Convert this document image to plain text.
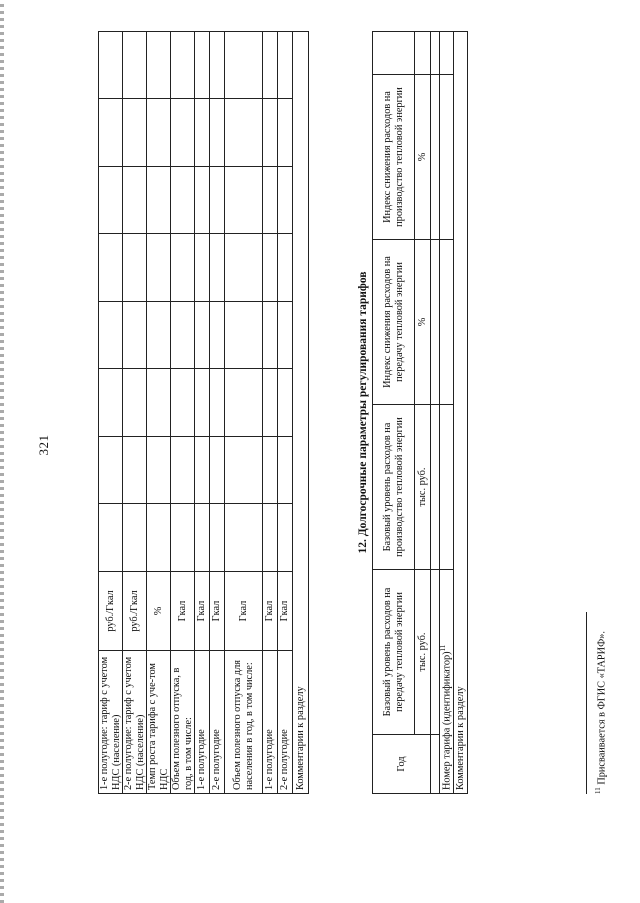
321
1-е полугодие: тариф с учетом НДС (население)	руб./Гкал								
2-е полугодие: тариф с учетом НДС (население)	руб./Гкал								
Темп роста тарифа с уче-том НДС	%								
Объем полезного отпуска, в год, в том числе:	Гкал								
1-е полугодие	Гкал								
2-е полугодие	Гкал								
Объем полезного отпуска для населения в год, в том числе:	Гкал								
1-е полугодие	Гкал								
2-е полугодие	Гкал								
Комментарии к разделу									
12. Долгосрочные параметры регулирования тарифов
Год	Базовый уровень расходов на передачу тепловой энергии	Базовый уровень расходов на производство тепловой энергии	Индекс снижения расходов на передачу тепловой энергии	Индекс снижения расходов на производство тепловой энергии	
	тыс. руб.	тыс. руб.	%	%	

Номер тарифа (идентификатор)$^{11}$				
Комментарии к разделу					
$^{11}$ Присваивается в ФГИС «ТАРИФ».
